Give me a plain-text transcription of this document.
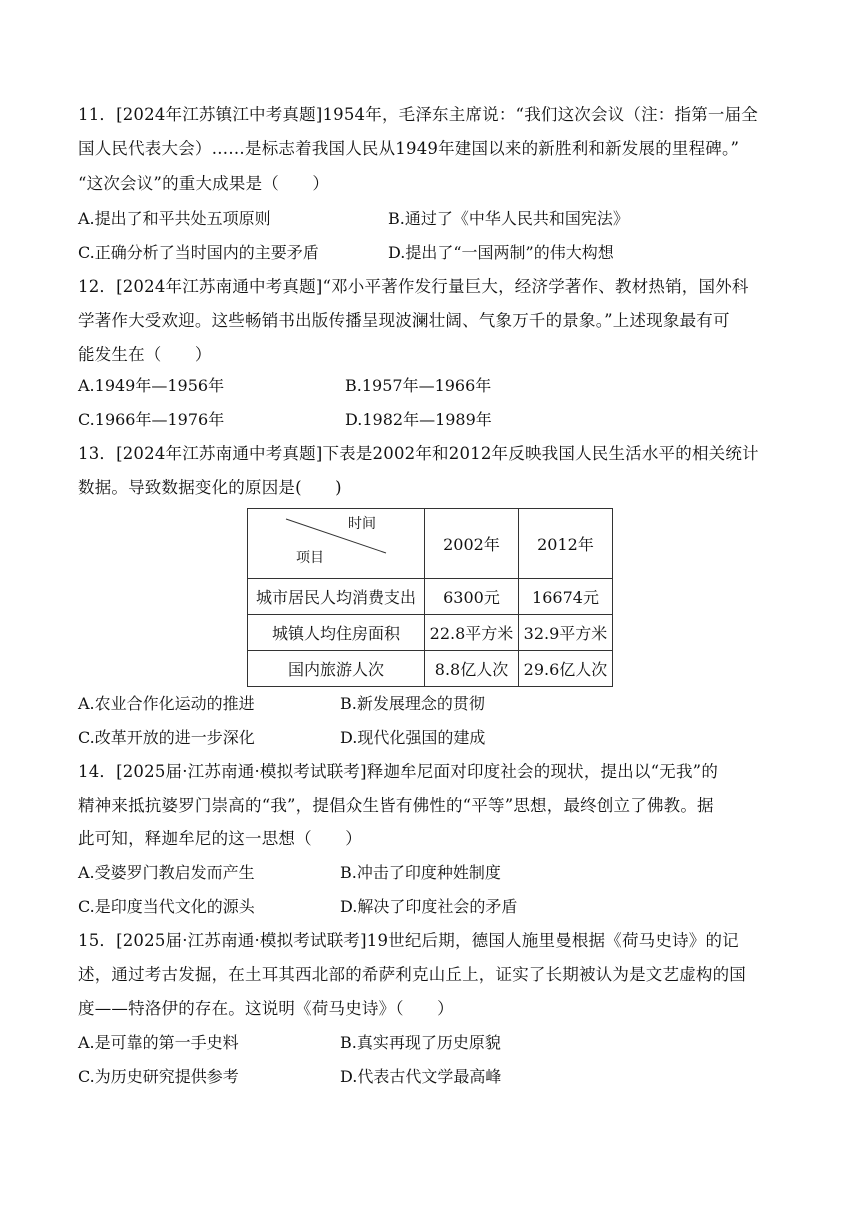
11．[2024年江苏镇江中考真题]1954年，毛泽东主席说：“我们这次会议（注：指第一届全
国人民代表大会）……是标志着我国人民从1949年建国以来的新胜利和新发展的里程碑。”
“这次会议”的重大成果是（　　）
A.提出了和平共处五项原则	B.通过了《中华人民共和国宪法》
C.正确分析了当时国内的主要矛盾	D.提出了“一国两制”的伟大构想
12．[2024年江苏南通中考真题]“邓小平著作发行量巨大，经济学著作、教材热销，国外科
学著作大受欢迎。这些畅销书出版传播呈现波澜壮阔、气象万千的景象。”上述现象最有可
能发生在（　　）
A.1949年—1956年	B.1957年—1966年
C.1966年—1976年	D.1982年—1989年
13．[2024年江苏南通中考真题]下表是2002年和2012年反映我国人民生活水平的相关统计
数据。导致数据变化的原因是(　　)
时间
项目	2002年	2012年
城市居民人均消费支出	6300元	16674元
城镇人均住房面积	22.8平方米	32.9平方米
国内旅游人次	8.8亿人次	29.6亿人次
A.农业合作化运动的推进	B.新发展理念的贯彻
C.改革开放的进一步深化	D.现代化强国的建成
14．[2025届·江苏南通·模拟考试联考]释迦牟尼面对印度社会的现状，提出以“无我”的
精神来抵抗婆罗门崇高的“我”，提倡众生皆有佛性的“平等”思想，最终创立了佛教。据
此可知，释迦牟尼的这一思想（　　）
A.受婆罗门教启发而产生	B.冲击了印度种姓制度
C.是印度当代文化的源头	D.解决了印度社会的矛盾
15．[2025届·江苏南通·模拟考试联考]19世纪后期，德国人施里曼根据《荷马史诗》的记
述，通过考古发掘，在土耳其西北部的希萨利克山丘上，证实了长期被认为是文艺虚构的国
度——特洛伊的存在。这说明《荷马史诗》（　　）
A.是可靠的第一手史料	B.真实再现了历史原貌
C.为历史研究提供参考	D.代表古代文学最高峰
